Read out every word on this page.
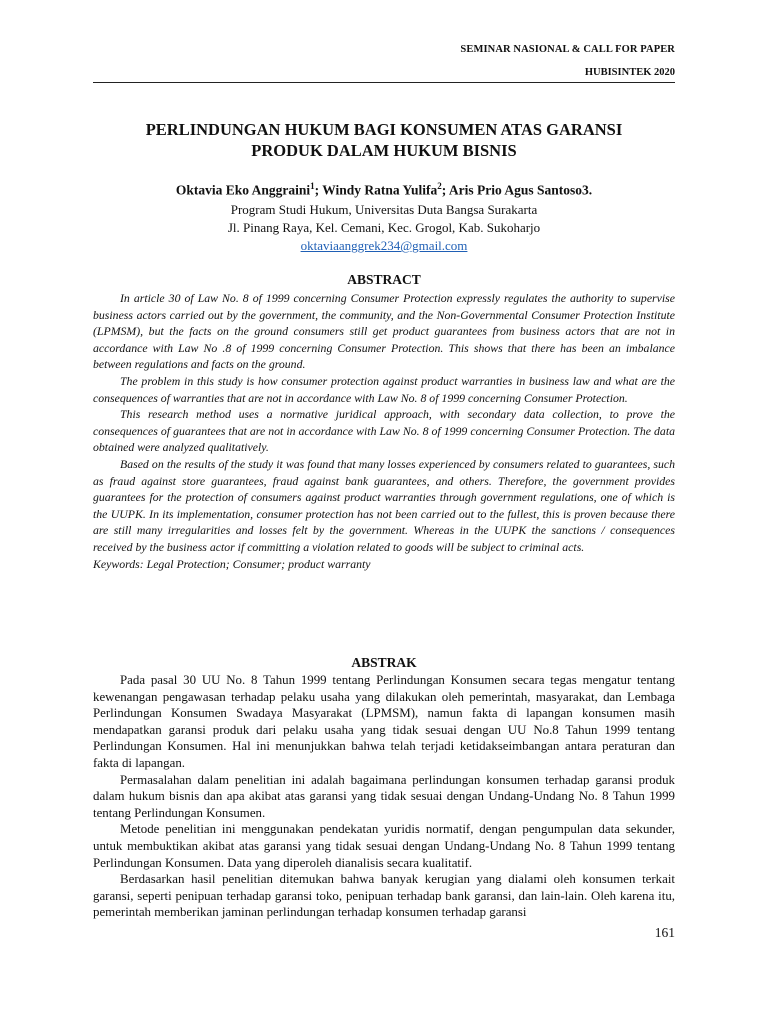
SEMINAR NASIONAL & CALL FOR PAPER
HUBISINTEK 2020
PERLINDUNGAN HUKUM BAGI KONSUMEN ATAS GARANSI
PRODUK DALAM HUKUM BISNIS
Oktavia Eko Anggraini$^1$; Windy Ratna Yulifa$^2$; Aris Prio Agus Santoso3.
Program Studi Hukum, Universitas Duta Bangsa Surakarta
Jl. Pinang Raya, Kel. Cemani, Kec. Grogol, Kab. Sukoharjo
oktaviaanggrek234@gmail.com
ABSTRACT

In article 30 of Law No. 8 of 1999 concerning Consumer Protection expressly regulates the authority to supervise business actors carried out by the government, the community, and the Non-Governmental Consumer Protection Institute (LPMSM), but the facts on the ground consumers still get product guarantees from business actors that are not in accordance with Law No .8 of 1999 concerning Consumer Protection. This shows that there has been an imbalance between regulations and facts on the ground.

The problem in this study is how consumer protection against product warranties in business law and what are the consequences of warranties that are not in accordance with Law No. 8 of 1999 concerning Consumer Protection.

This research method uses a normative juridical approach, with secondary data collection, to prove the consequences of guarantees that are not in accordance with Law No. 8 of 1999 concerning Consumer Protection. The data obtained were analyzed qualitatively.

Based on the results of the study it was found that many losses experienced by consumers related to guarantees, such as fraud against store guarantees, fraud against bank guarantees, and others. Therefore, the government provides guarantees for the protection of consumers against product warranties through government regulations, one of which is the UUPK. In its implementation, consumer protection has not been carried out to the fullest, this is proven because there are still many irregularities and losses felt by the government. Whereas in the UUPK the sanctions / consequences received by the business actor if committing a violation related to goods will be subject to criminal acts.

Keywords: Legal Protection; Consumer; product warranty

ABSTRAK

Pada pasal 30 UU No. 8 Tahun 1999 tentang Perlindungan Konsumen secara tegas mengatur tentang kewenangan pengawasan terhadap pelaku usaha yang dilakukan oleh pemerintah, masyarakat, dan Lembaga Perlindungan Konsumen Swadaya Masyarakat (LPMSM), namun fakta di lapangan konsumen masih mendapatkan garansi produk dari pelaku usaha yang tidak sesuai dengan UU No.8 Tahun 1999 tentang Perlindungan Konsumen. Hal ini menunjukkan bahwa telah terjadi ketidakseimbangan antara peraturan dan fakta di lapangan.

Permasalahan dalam penelitian ini adalah bagaimana perlindungan konsumen terhadap garansi produk dalam hukum bisnis dan apa akibat atas garansi yang tidak sesuai dengan Undang-Undang No. 8 Tahun 1999 tentang Perlindungan Konsumen.

Metode penelitian ini menggunakan pendekatan yuridis normatif, dengan pengumpulan data sekunder, untuk membuktikan akibat atas garansi yang tidak sesuai dengan Undang-Undang No. 8 Tahun 1999 tentang Perlindungan Konsumen. Data yang diperoleh dianalisis secara kualitatif.

Berdasarkan hasil penelitian ditemukan bahwa banyak kerugian yang dialami oleh konsumen terkait garansi, seperti penipuan terhadap garansi toko, penipuan terhadap bank garansi, dan lain-lain. Oleh karena itu, pemerintah memberikan jaminan perlindungan terhadap konsumen terhadap garansi

161
